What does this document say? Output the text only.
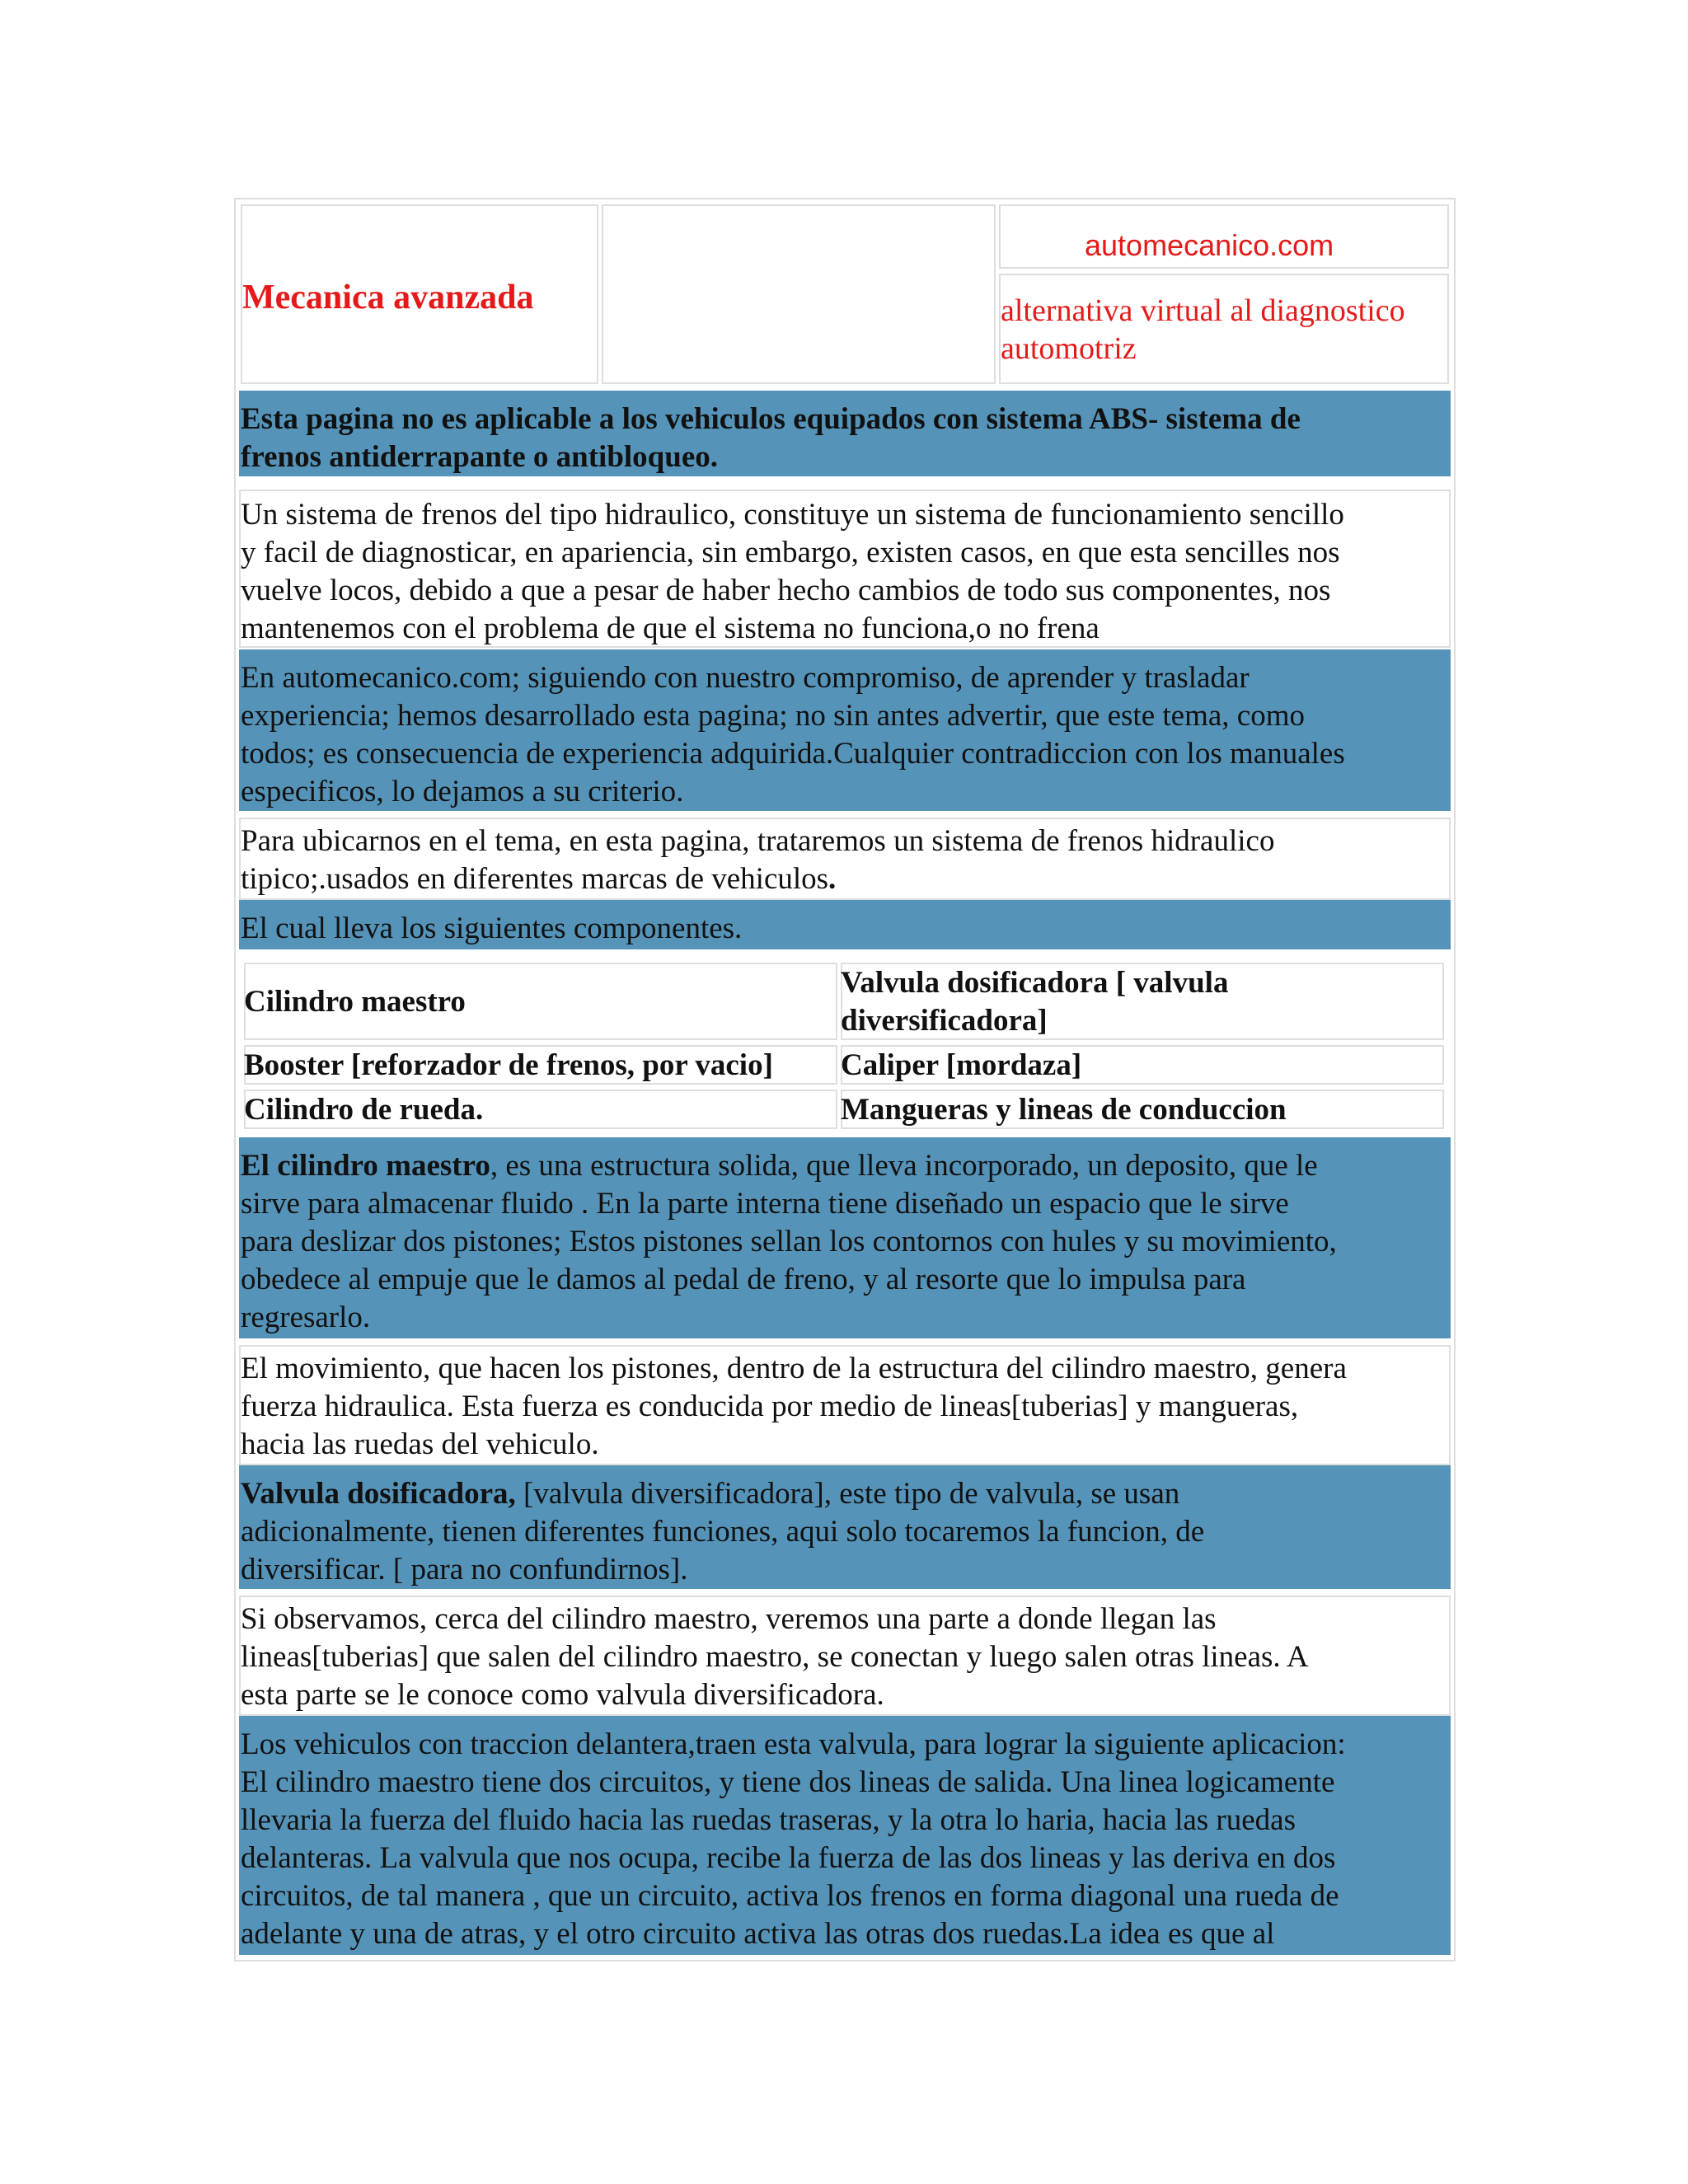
Mecanica avanzada
automecanico.com
alternativa virtual al diagnostico
automotriz
Esta pagina no es aplicable a los vehiculos equipados con sistema ABS- sistema de
frenos antiderrapante o antibloqueo.
Un sistema de frenos del tipo hidraulico, constituye un sistema de funcionamiento sencillo
y facil de diagnosticar, en apariencia, sin embargo, existen casos, en que esta sencilles nos
vuelve locos, debido a que a pesar de haber hecho cambios de todo sus componentes, nos
mantenemos con el problema de que el sistema no funciona,o no frena
En automecanico.com; siguiendo con nuestro compromiso, de aprender y trasladar
experiencia; hemos desarrollado esta pagina; no sin antes advertir, que este tema, como
todos; es consecuencia de experiencia adquirida.Cualquier contradiccion con los manuales
especificos, lo dejamos a su criterio.
Para ubicarnos en el tema, en esta pagina, trataremos un sistema de frenos hidraulico
tipico;.usados en diferentes marcas de vehiculos.
El cual lleva los siguientes componentes.
Cilindro maestro
Valvula dosificadora [ valvula
diversificadora]
Booster [reforzador de frenos, por vacio] Caliper [mordaza]
Cilindro de rueda.	Mangueras y lineas de conduccion
El cilindro maestro, es una estructura solida, que lleva incorporado, un deposito, que le
sirve para almacenar fluido . En la parte interna tiene diseñado un espacio que le sirve
para deslizar dos pistones; Estos pistones sellan los contornos con hules y su movimiento,
obedece al empuje que le damos al pedal de freno, y al resorte que lo impulsa para
regresarlo.
El movimiento, que hacen los pistones, dentro de la estructura del cilindro maestro, genera
fuerza hidraulica. Esta fuerza es conducida por medio de lineas[tuberias] y mangueras,
hacia las ruedas del vehiculo.
Valvula dosificadora, [valvula diversificadora], este tipo de valvula, se usan
adicionalmente, tienen diferentes funciones, aqui solo tocaremos la funcion, de
diversificar. [ para no confundirnos].
Si observamos, cerca del cilindro maestro, veremos una parte a donde llegan las
lineas[tuberias] que salen del cilindro maestro, se conectan y luego salen otras lineas. A
esta parte se le conoce como valvula diversificadora.
Los vehiculos con traccion delantera,traen esta valvula, para lograr la siguiente aplicacion:
El cilindro maestro tiene dos circuitos, y tiene dos lineas de salida. Una linea logicamente
llevaria la fuerza del fluido hacia las ruedas traseras, y la otra lo haria, hacia las ruedas
delanteras. La valvula que nos ocupa, recibe la fuerza de las dos lineas y las deriva en dos
circuitos, de tal manera , que un circuito, activa los frenos en forma diagonal una rueda de
adelante y una de atras, y el otro circuito activa las otras dos ruedas.La idea es que al
